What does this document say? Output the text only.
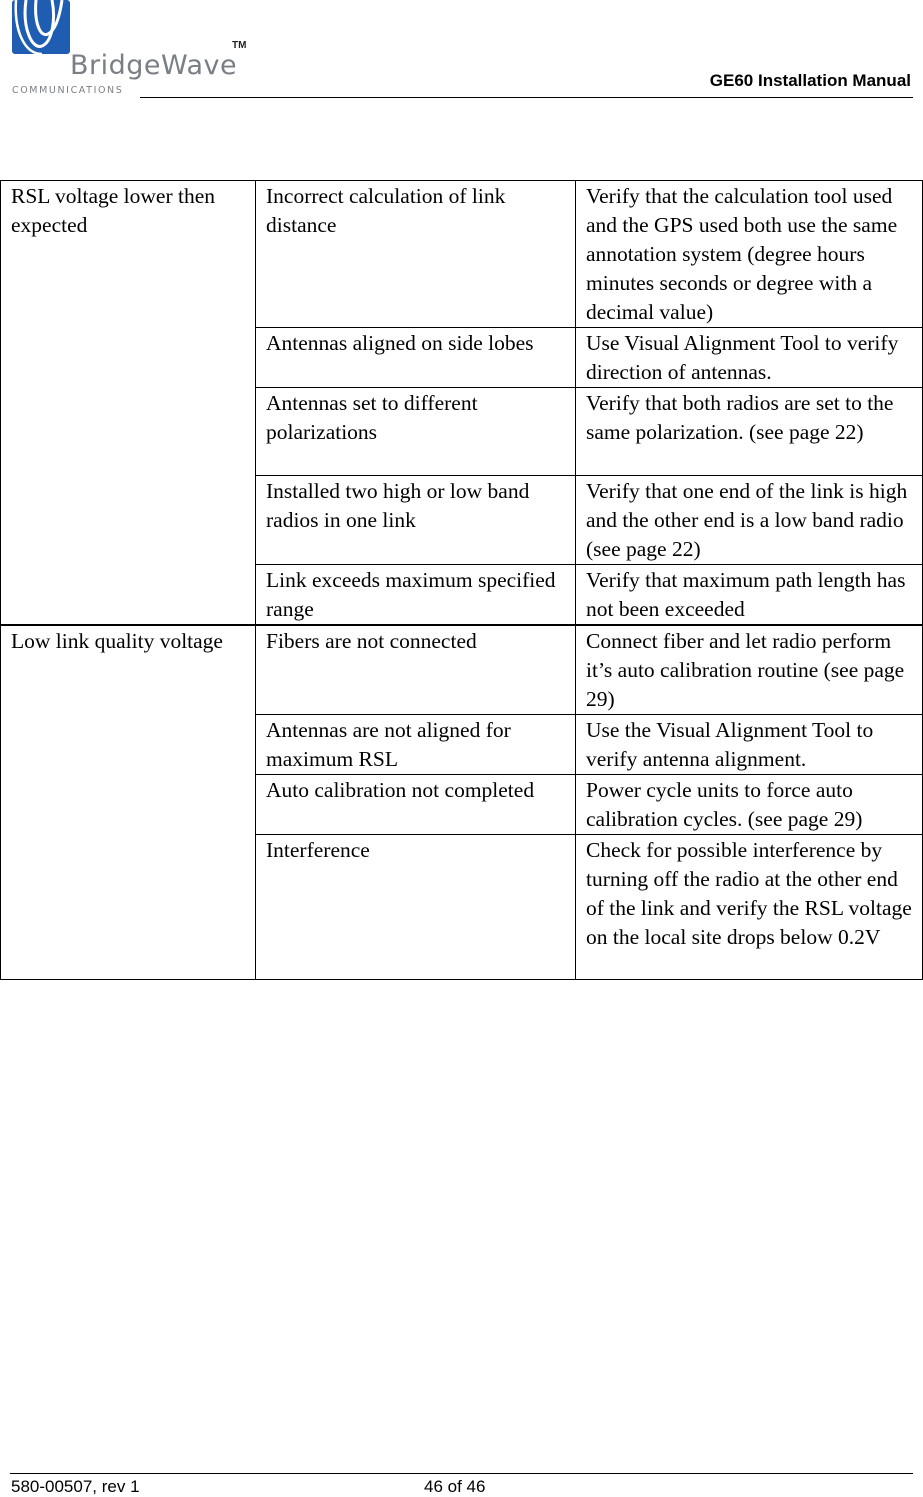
BridgeWave
TM
COMMUNICATIONS
GE60 Installation Manual
RSL voltage lower then expected	Incorrect calculation of link distance	Verify that the calculation tool used and the GPS used both use the same annotation system (degree hours minutes seconds or degree with a decimal value)
	Antennas aligned on side lobes	Use Visual Alignment Tool to verify direction of antennas.
	Antennas set to different polarizations	Verify that both radios are set to the same polarization. (see page 22)
	Installed two high or low band radios in one link	Verify that one end of the link is high and the other end is a low band radio (see page 22)
	Link exceeds maximum specified range	Verify that maximum path length has not been exceeded
Low link quality voltage	Fibers are not connected	Connect fiber and let radio perform it’s auto calibration routine (see page 29)
	Antennas are not aligned for maximum RSL	Use the Visual Alignment Tool to verify antenna alignment.
	Auto calibration not completed	Power cycle units to force auto calibration cycles. (see page 29)
	Interference	Check for possible interference by turning off the radio at the other end of the link and verify the RSL voltage on the local site drops below 0.2V
580-00507, rev 1	46 of 46
